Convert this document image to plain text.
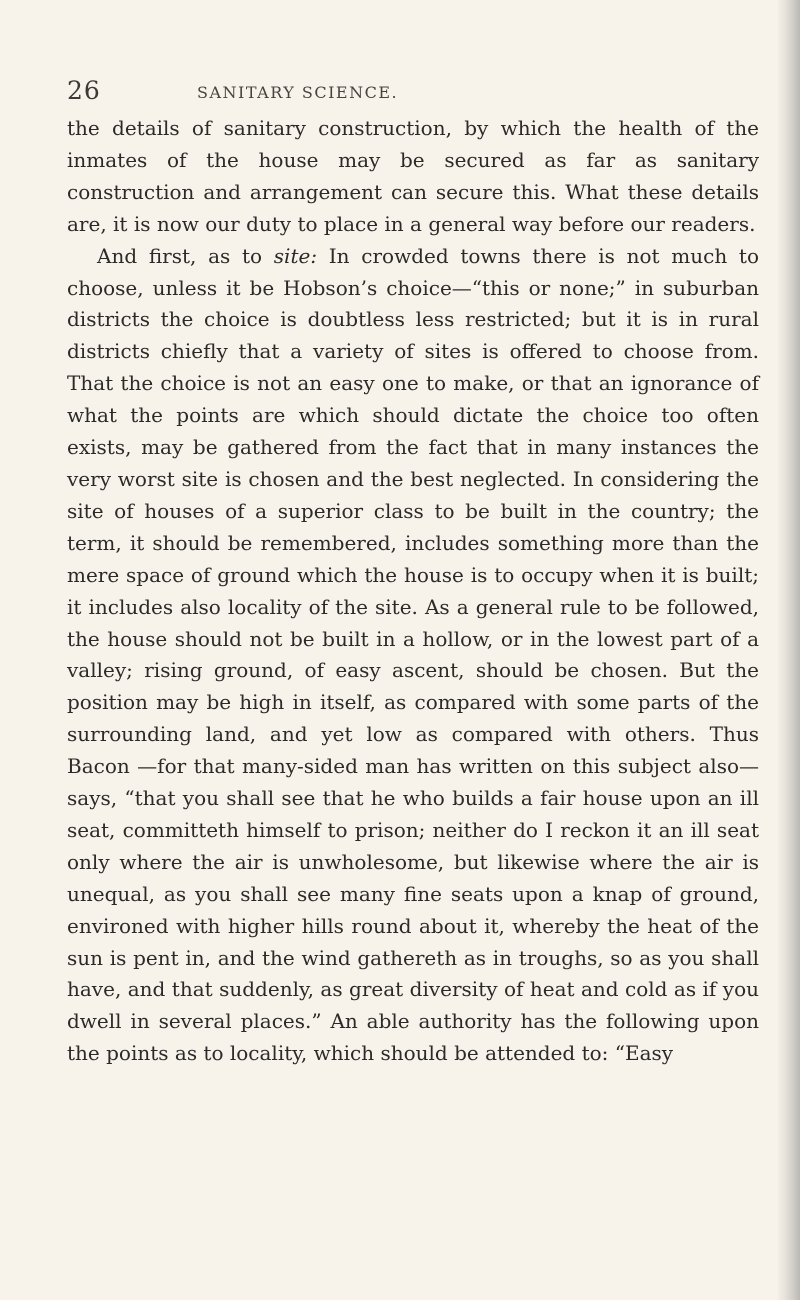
26	SANITARY SCIENCE.

the details of sanitary construction, by which the health of the inmates of the house may be secured as far as sanitary construction and arrangement can secure this. What these details are, it is now our duty to place in a general way before our readers.

And first, as to site: In crowded towns there is not much to choose, unless it be Hobson’s choice—“this or none;” in suburban districts the choice is doubtless less restricted; but it is in rural districts chiefly that a variety of sites is offered to choose from. That the choice is not an easy one to make, or that an ignorance of what the points are which should dictate the choice too often exists, may be gathered from the fact that in many instances the very worst site is chosen and the best neglected. In considering the site of houses of a superior class to be built in the country; the term, it should be remembered, includes something more than the mere space of ground which the house is to occupy when it is built; it includes also locality of the site. As a general rule to be followed, the house should not be built in a hollow, or in the lowest part of a valley; rising ground, of easy ascent, should be chosen. But the position may be high in itself, as compared with some parts of the surrounding land, and yet low as compared with others. Thus Bacon —for that many-sided man has written on this subject also—says, “that you shall see that he who builds a fair house upon an ill seat, committeth himself to prison; neither do I reckon it an ill seat only where the air is unwholesome, but likewise where the air is unequal, as you shall see many fine seats upon a knap of ground, environed with higher hills round about it, whereby the heat of the sun is pent in, and the wind gathereth as in troughs, so as you shall have, and that suddenly, as great diversity of heat and cold as if you dwell in several places.” An able authority has the following upon the points as to locality, which should be attended to: “Easy
